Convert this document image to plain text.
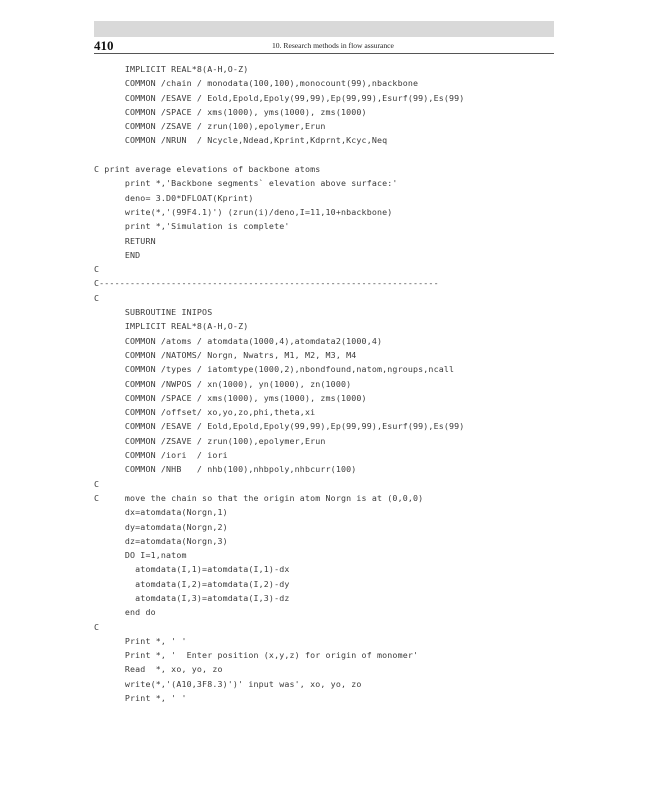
410	10. Research methods in flow assurance
IMPLICIT REAL*8(A-H,O-Z)
COMMON /chain / monodata(100,100),monocount(99),nbackbone
COMMON /ESAVE / Eold,Epold,Epoly(99,99),Ep(99,99),Esurf(99),Es(99)
COMMON /SPACE / xms(1000), yms(1000), zms(1000)
COMMON /ZSAVE / zrun(100),epolymer,Erun
COMMON /NRUN  / Ncycle,Ndead,Kprint,Kdprnt,Kcyc,Neq
C print average elevations of backbone atoms
print *,'Backbone segments` elevation above surface:'
deno= 3.D0*DFLOAT(Kprint)
write(*,'(99F4.1)') (zrun(i)/deno,I=11,10+nbackbone)
print *,'Simulation is complete'
RETURN
END
C
C------------------------------------------------------------------
C
SUBROUTINE INIPOS
IMPLICIT REAL*8(A-H,O-Z)
COMMON /atoms / atomdata(1000,4),atomdata2(1000,4)
COMMON /NATOMS/ Norgn, Nwatrs, M1, M2, M3, M4
COMMON /types / iatomtype(1000,2),nbondfound,natom,ngroups,ncall
COMMON /NWPOS / xn(1000), yn(1000), zn(1000)
COMMON /SPACE / xms(1000), yms(1000), zms(1000)
COMMON /offset/ xo,yo,zo,phi,theta,xi
COMMON /ESAVE / Eold,Epold,Epoly(99,99),Ep(99,99),Esurf(99),Es(99)
COMMON /ZSAVE / zrun(100),epolymer,Erun
COMMON /iori  / iori
COMMON /NHB   / nhb(100),nhbpoly,nhbcurr(100)
C
C     move the chain so that the origin atom Norgn is at (0,0,0)
dx=atomdata(Norgn,1)
dy=atomdata(Norgn,2)
dz=atomdata(Norgn,3)
DO I=1,natom
atomdata(I,1)=atomdata(I,1)-dx
atomdata(I,2)=atomdata(I,2)-dy
atomdata(I,3)=atomdata(I,3)-dz
end do
C
Print *, ' '
Print *, '  Enter position (x,y,z) for origin of monomer'
Read  *, xo, yo, zo
write(*,'(A10,3F8.3)')' input was', xo, yo, zo
Print *, ' '
